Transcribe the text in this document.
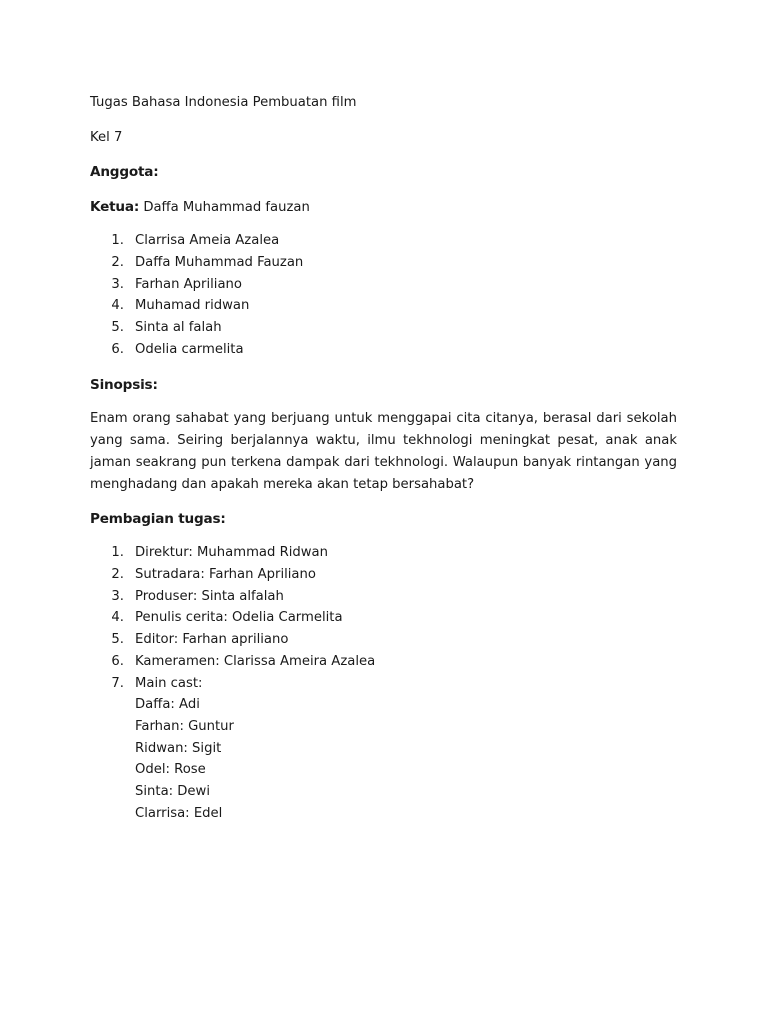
Tugas Bahasa Indonesia Pembuatan film

Kel 7

Anggota:

Ketua: Daffa Muhammad fauzan

1. Clarrisa Ameia Azalea
2. Daffa Muhammad Fauzan
3. Farhan Apriliano
4. Muhamad ridwan
5. Sinta al falah
6. Odelia carmelita

Sinopsis:

Enam orang sahabat yang berjuang untuk menggapai cita citanya, berasal dari sekolah yang sama. Seiring berjalannya waktu, ilmu tekhnologi meningkat pesat, anak anak jaman seakrang pun terkena dampak dari tekhnologi. Walaupun banyak rintangan yang menghadang dan apakah mereka akan tetap bersahabat?

Pembagian tugas:

1. Direktur: Muhammad Ridwan
2. Sutradara: Farhan Apriliano
3. Produser: Sinta alfalah
4. Penulis cerita: Odelia Carmelita
5. Editor: Farhan apriliano
6. Kameramen: Clarissa Ameira Azalea
7. Main cast:
Daffa: Adi
Farhan: Guntur
Ridwan: Sigit
Odel: Rose
Sinta: Dewi
Clarrisa: Edel
